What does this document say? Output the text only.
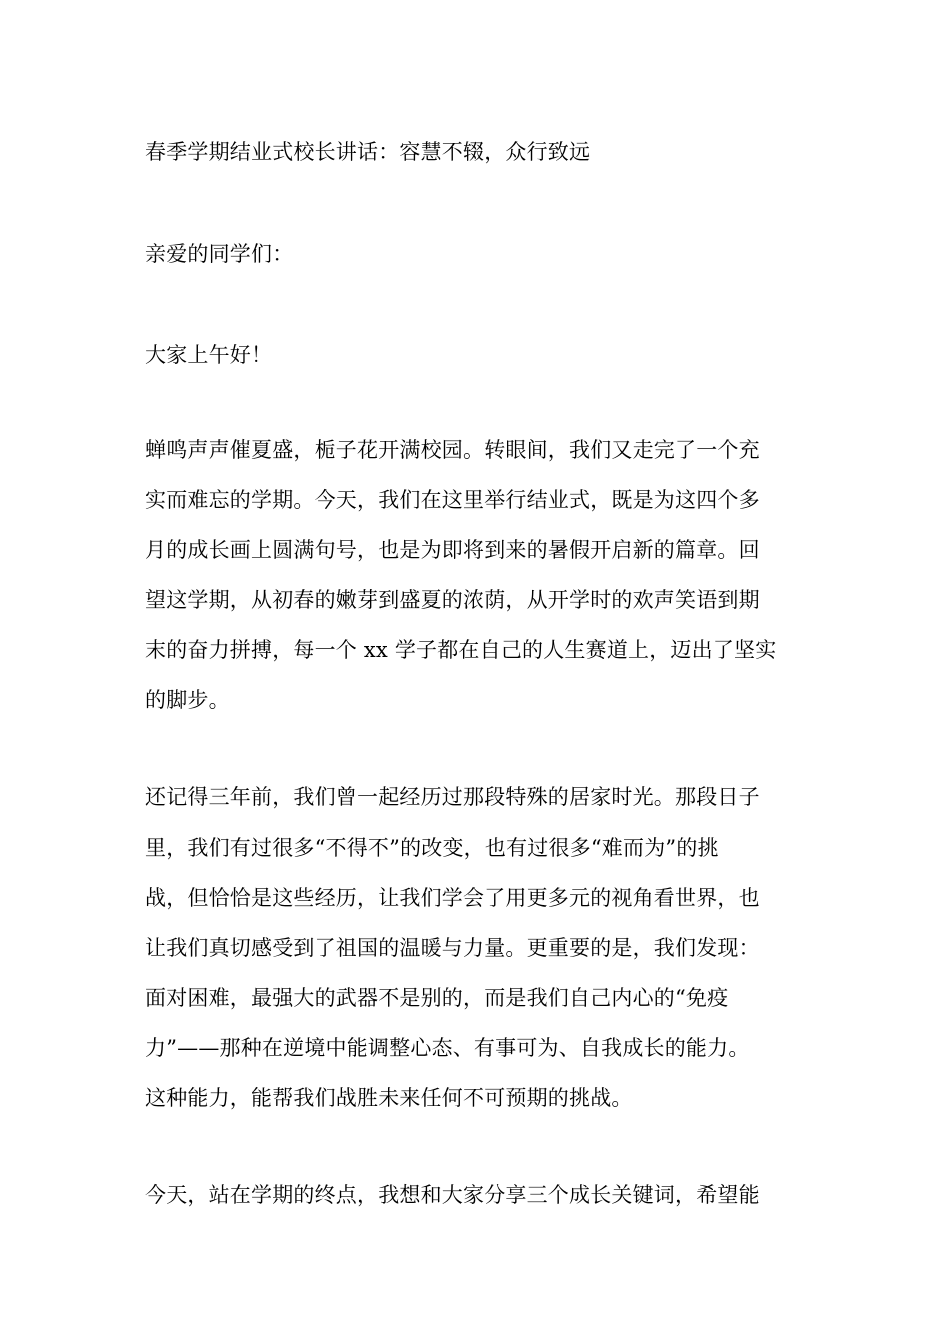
春季学期结业式校长讲话：容慧不辍，众行致远
亲爱的同学们：
大家上午好！
蝉鸣声声催夏盛，栀子花开满校园。转眼间，我们又走完了一个充
实而难忘的学期。今天，我们在这里举行结业式，既是为这四个多
月的成长画上圆满句号，也是为即将到来的暑假开启新的篇章。回
望这学期，从初春的嫩芽到盛夏的浓荫，从开学时的欢声笑语到期
末的奋力拼搏，每一个 xx 学子都在自己的人生赛道上，迈出了坚实
的脚步。
还记得三年前，我们曾一起经历过那段特殊的居家时光。那段日子
里，我们有过很多“不得不”的改变，也有过很多“难而为”的挑
战，但恰恰是这些经历，让我们学会了用更多元的视角看世界，也
让我们真切感受到了祖国的温暖与力量。更重要的是，我们发现：
面对困难，最强大的武器不是别的，而是我们自己内心的“免疫
力”——那种在逆境中能调整心态、有事可为、自我成长的能力。
这种能力，能帮我们战胜未来任何不可预期的挑战。
今天，站在学期的终点，我想和大家分享三个成长关键词，希望能
